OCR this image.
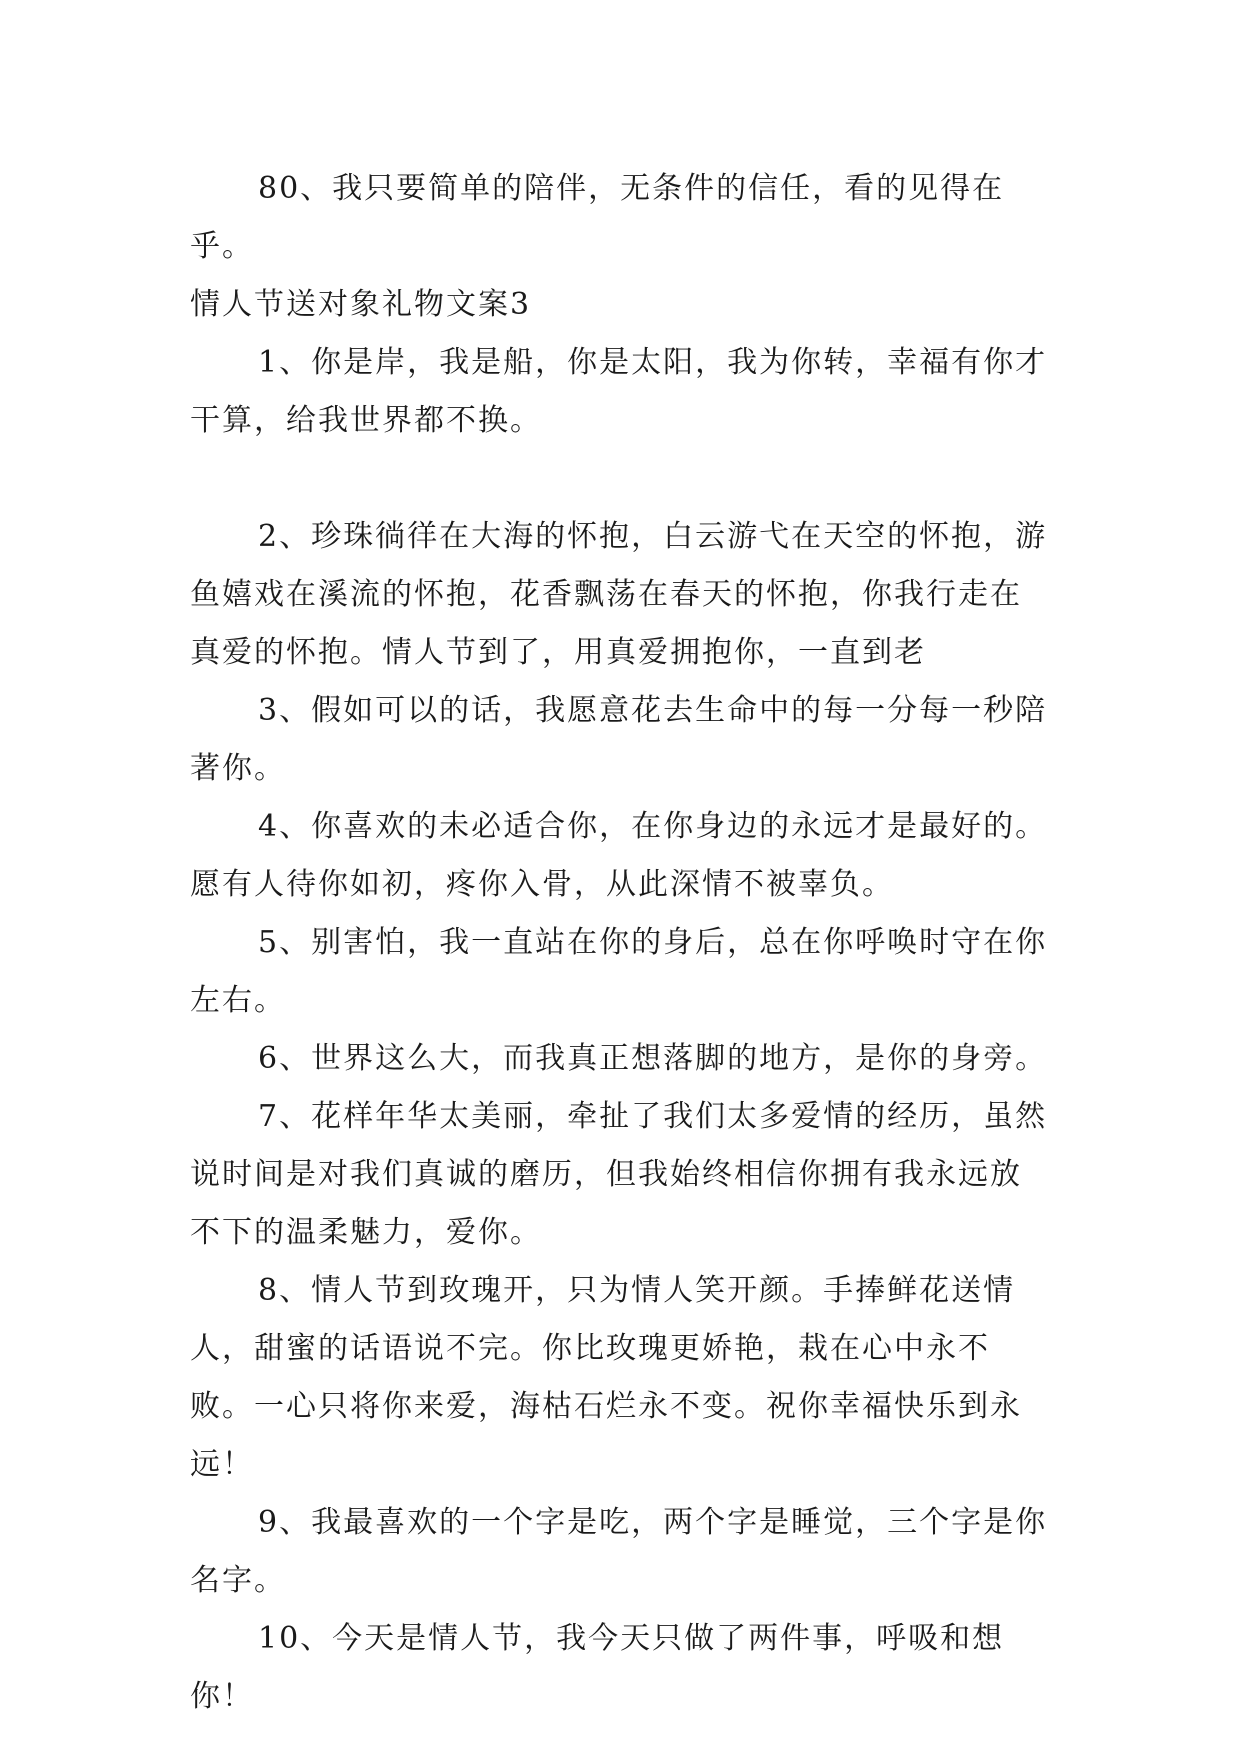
80、我只要简单的陪伴，无条件的信任，看的见得在乎。

情人节送对象礼物文案3

1、你是岸，我是船，你是太阳，我为你转，幸福有你才干算，给我世界都不换。

2、珍珠徜徉在大海的怀抱，白云游弋在天空的怀抱，游鱼嬉戏在溪流的怀抱，花香飘荡在春天的怀抱，你我行走在真爱的怀抱。情人节到了，用真爱拥抱你，一直到老

3、假如可以的话，我愿意花去生命中的每一分每一秒陪著你。

4、你喜欢的未必适合你，在你身边的永远才是最好的。愿有人待你如初，疼你入骨，从此深情不被辜负。

5、别害怕，我一直站在你的身后，总在你呼唤时守在你左右。

6、世界这么大，而我真正想落脚的地方，是你的身旁。

7、花样年华太美丽，牵扯了我们太多爱情的经历，虽然说时间是对我们真诚的磨历，但我始终相信你拥有我永远放不下的温柔魅力，爱你。

8、情人节到玫瑰开，只为情人笑开颜。手捧鲜花送情人，甜蜜的话语说不完。你比玫瑰更娇艳，栽在心中永不败。一心只将你来爱，海枯石烂永不变。祝你幸福快乐到永远！

9、我最喜欢的一个字是吃，两个字是睡觉，三个字是你名字。

10、今天是情人节，我今天只做了两件事，呼吸和想你！
